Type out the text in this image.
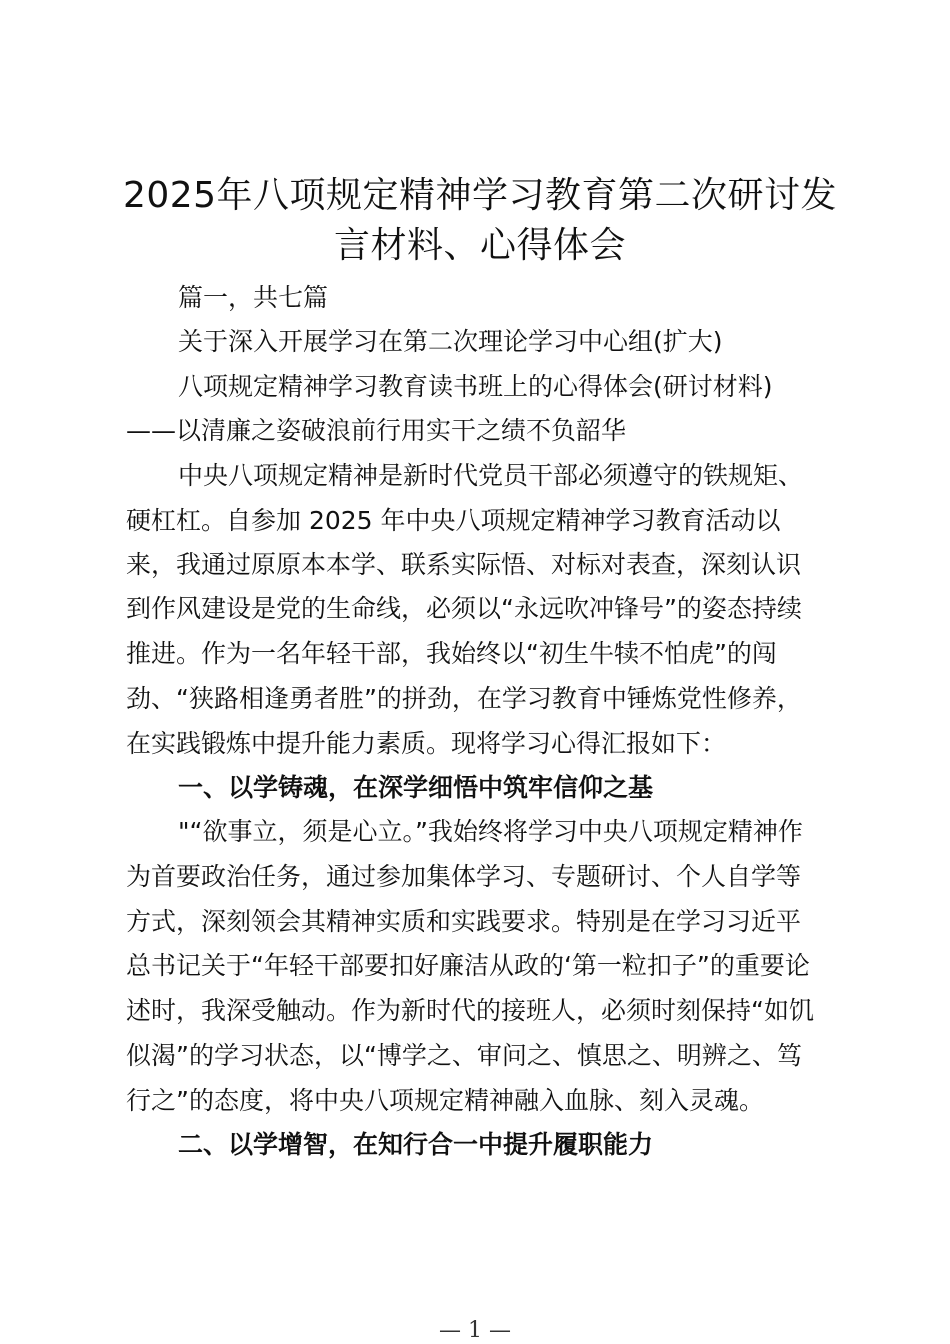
2025年八项规定精神学习教育第二次研讨发
言材料、心得体会

篇一，共七篇

关于深入开展学习在第二次理论学习中心组(扩大)

八项规定精神学习教育读书班上的心得体会(研讨材料)

——以清廉之姿破浪前行用实干之绩不负韶华

中央八项规定精神是新时代党员干部必须遵守的铁规矩、

硬杠杠。自参加 2025 年中央八项规定精神学习教育活动以

来，我通过原原本本学、联系实际悟、对标对表查，深刻认识

到作风建设是党的生命线，必须以“永远吹冲锋号”的姿态持续

推进。作为一名年轻干部，我始终以“初生牛犊不怕虎”的闯

劲、“狭路相逢勇者胜”的拼劲，在学习教育中锤炼党性修养，

在实践锻炼中提升能力素质。现将学习心得汇报如下：

一、以学铸魂，在深学细悟中筑牢信仰之基

"“欲事立，须是心立。”我始终将学习中央八项规定精神作

为首要政治任务，通过参加集体学习、专题研讨、个人自学等

方式，深刻领会其精神实质和实践要求。特别是在学习习近平

总书记关于“年轻干部要扣好廉洁从政的‘第一粒扣子”的重要论

述时，我深受触动。作为新时代的接班人，必须时刻保持“如饥

似渴”的学习状态，以“博学之、审问之、慎思之、明辨之、笃

行之”的态度，将中央八项规定精神融入血脉、刻入灵魂。

二、以学增智，在知行合一中提升履职能力

— 1 —
